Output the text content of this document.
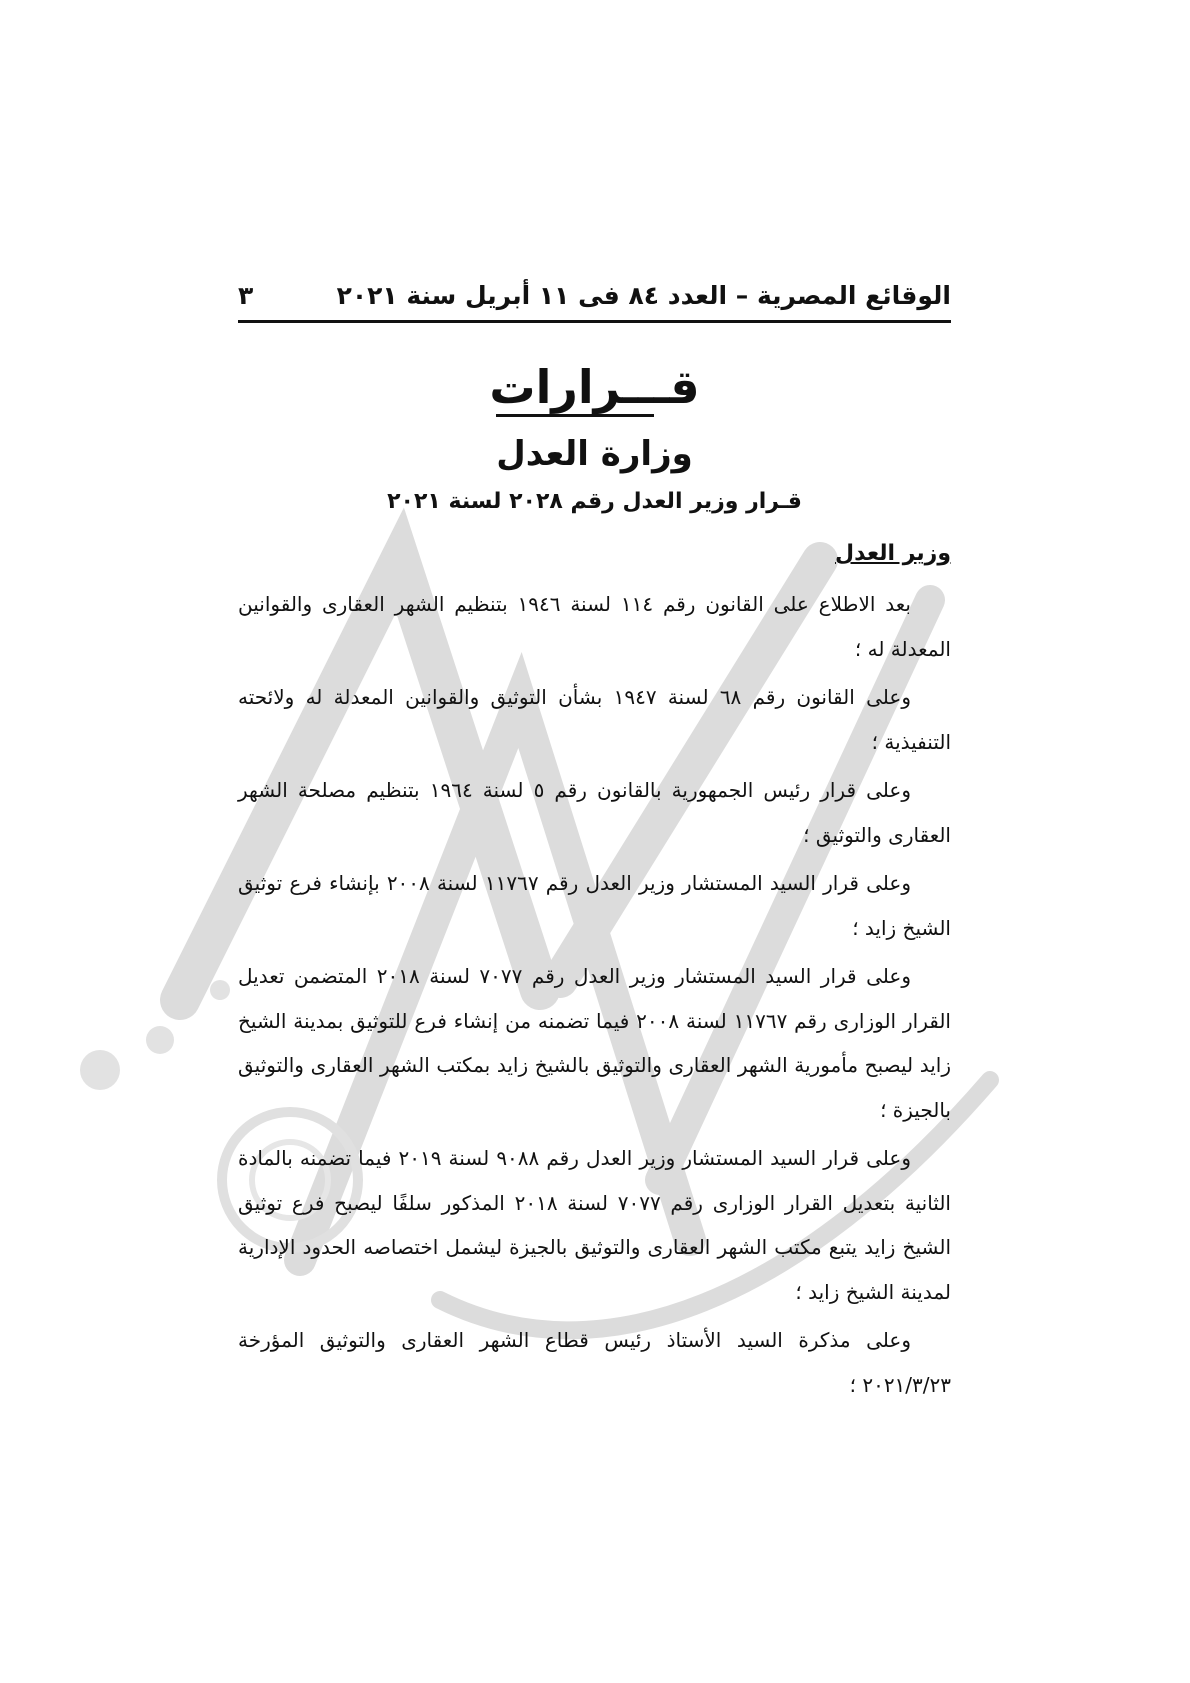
الوقائع المصرية – العدد ٨٤ فى ١١ أبريل سنة ٢٠٢١
٣
قـــرارات
وزارة العدل
قـرار وزير العدل رقم ٢٠٢٨ لسنة ٢٠٢١
وزير العدل

بعد الاطلاع على القانون رقم ١١٤ لسنة ١٩٤٦ بتنظيم الشهر العقارى والقوانين المعدلة له ؛

وعلى القانون رقم ٦٨ لسنة ١٩٤٧ بشأن التوثيق والقوانين المعدلة له ولائحته التنفيذية ؛

وعلى قرار رئيس الجمهورية بالقانون رقم ٥ لسنة ١٩٦٤ بتنظيم مصلحة الشهر العقارى والتوثيق ؛

وعلى قرار السيد المستشار وزير العدل رقم ١١٧٦٧ لسنة ٢٠٠٨ بإنشاء فرع توثيق الشيخ زايد ؛

وعلى قرار السيد المستشار وزير العدل رقم ٧٠٧٧ لسنة ٢٠١٨ المتضمن تعديل القرار الوزارى رقم ١١٧٦٧ لسنة ٢٠٠٨ فيما تضمنه من إنشاء فرع للتوثيق بمدينة الشيخ زايد ليصبح مأمورية الشهر العقارى والتوثيق بالشيخ زايد بمكتب الشهر العقارى والتوثيق بالجيزة ؛

وعلى قرار السيد المستشار وزير العدل رقم ٩٠٨٨ لسنة ٢٠١٩ فيما تضمنه بالمادة الثانية بتعديل القرار الوزارى رقم ٧٠٧٧ لسنة ٢٠١٨ المذكور سلفًا ليصبح فرع توثيق الشيخ زايد يتبع مكتب الشهر العقارى والتوثيق بالجيزة ليشمل اختصاصه الحدود الإدارية لمدينة الشيخ زايد ؛

وعلى مذكرة السيد الأستاذ رئيس قطاع الشهر العقارى والتوثيق المؤرخة ٢٠٢١/٣/٢٣ ؛
